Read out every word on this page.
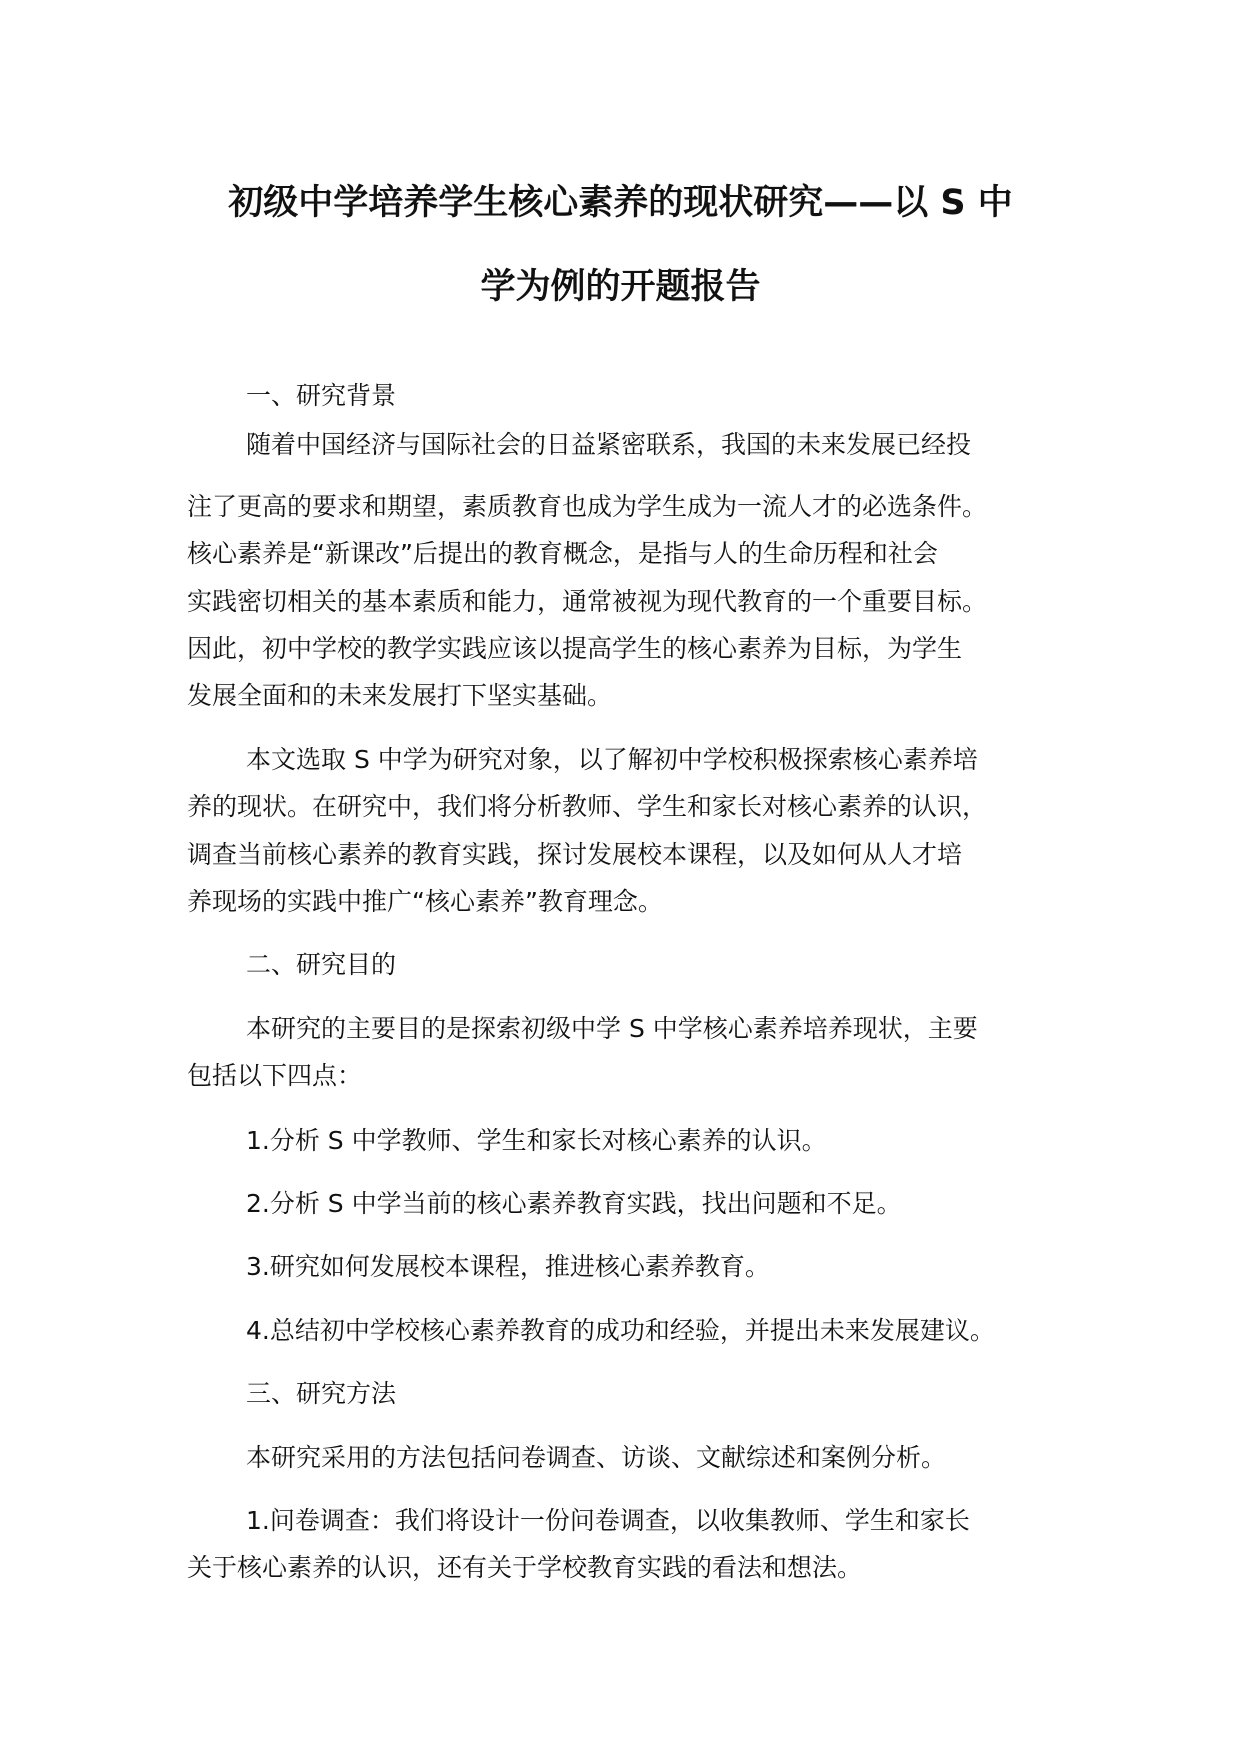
初级中学培养学生核心素养的现状研究——以 S 中
学为例的开题报告
一、研究背景
随着中国经济与国际社会的日益紧密联系，我国的未来发展已经投
注了更高的要求和期望，素质教育也成为学生成为一流人才的必选条件。
核心素养是“新课改”后提出的教育概念，是指与人的生命历程和社会
实践密切相关的基本素质和能力，通常被视为现代教育的一个重要目标。
因此，初中学校的教学实践应该以提高学生的核心素养为目标，为学生
发展全面和的未来发展打下坚实基础。
本文选取 S 中学为研究对象，以了解初中学校积极探索核心素养培
养的现状。在研究中，我们将分析教师、学生和家长对核心素养的认识，
调查当前核心素养的教育实践，探讨发展校本课程，以及如何从人才培
养现场的实践中推广“核心素养”教育理念。
二、研究目的
本研究的主要目的是探索初级中学 S 中学核心素养培养现状，主要
包括以下四点：
1.分析 S 中学教师、学生和家长对核心素养的认识。
2.分析 S 中学当前的核心素养教育实践，找出问题和不足。
3.研究如何发展校本课程，推进核心素养教育。
4.总结初中学校核心素养教育的成功和经验，并提出未来发展建议。
三、研究方法
本研究采用的方法包括问卷调查、访谈、文献综述和案例分析。
1.问卷调查：我们将设计一份问卷调查，以收集教师、学生和家长
关于核心素养的认识，还有关于学校教育实践的看法和想法。
